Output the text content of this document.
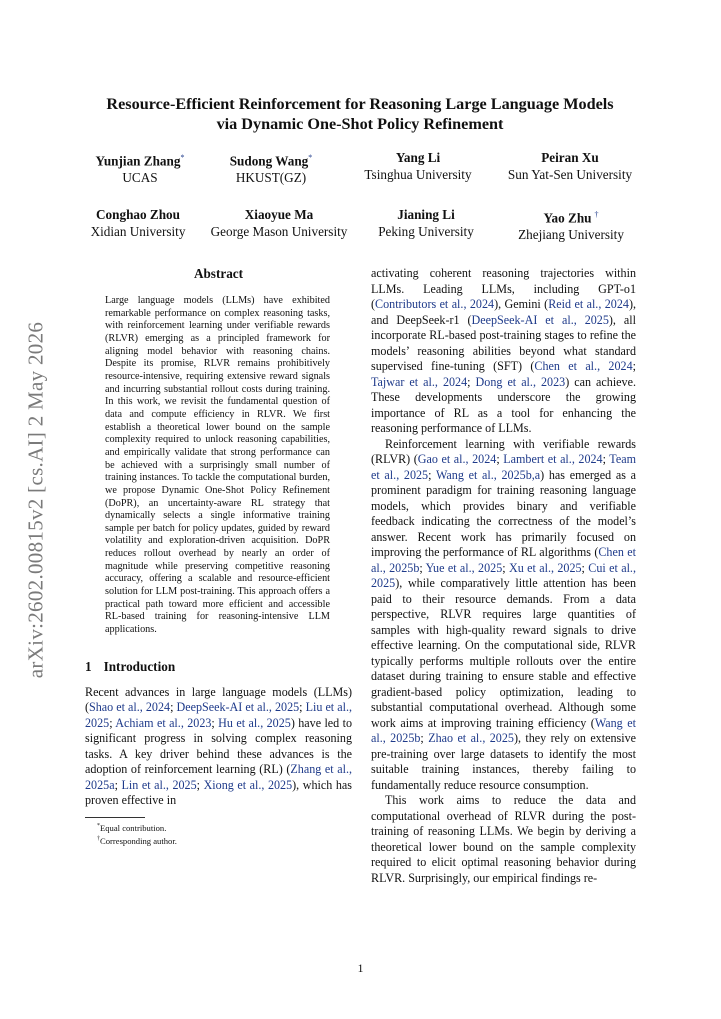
arXiv:2602.00815v2 [cs.AI] 2 May 2026
Resource-Efficient Reinforcement for Reasoning Large Language Models
via Dynamic One-Shot Policy Refinement
Yunjian Zhang*
UCAS
Sudong Wang*
HKUST(GZ)
Yang Li
Tsinghua University
Peiran Xu
Sun Yat-Sen University
Conghao Zhou
Xidian University
Xiaoyue Ma
George Mason University
Jianing Li
Peking University
Yao Zhu †
Zhejiang University
Abstract
Large language models (LLMs) have exhibited remarkable performance on complex reasoning tasks, with reinforcement learning under verifiable rewards (RLVR) emerging as a principled framework for aligning model behavior with reasoning chains. Despite its promise, RLVR remains prohibitively resource-intensive, requiring extensive reward signals and incurring substantial rollout costs during training. In this work, we revisit the fundamental question of data and compute efficiency in RLVR. We first establish a theoretical lower bound on the sample complexity required to unlock reasoning capabilities, and empirically validate that strong performance can be achieved with a surprisingly small number of training instances. To tackle the computational burden, we propose Dynamic One-Shot Policy Refinement (DoPR), an uncertainty-aware RL strategy that dynamically selects a single informative training sample per batch for policy updates, guided by reward volatility and exploration-driven acquisition. DoPR reduces rollout overhead by nearly an order of magnitude while preserving competitive reasoning accuracy, offering a scalable and resource-efficient solution for LLM post-training. This approach offers a practical path toward more efficient and accessible RL-based training for reasoning-intensive LLM applications.
1 Introduction

Recent advances in large language models (LLMs) (Shao et al., 2024; DeepSeek-AI et al., 2025; Liu et al., 2025; Achiam et al., 2023; Hu et al., 2025) have led to significant progress in solving complex reasoning tasks. A key driver behind these advances is the adoption of reinforcement learning (RL) (Zhang et al., 2025a; Lin et al., 2025; Xiong et al., 2025), which has proven effective in

*Equal contribution.
†Corresponding author.

activating coherent reasoning trajectories within LLMs. Leading LLMs, including GPT-o1 (Contributors et al., 2024), Gemini (Reid et al., 2024), and DeepSeek-r1 (DeepSeek-AI et al., 2025), all incorporate RL-based post-training stages to refine the models’ reasoning abilities beyond what standard supervised fine-tuning (SFT) (Chen et al., 2024; Tajwar et al., 2024; Dong et al., 2023) can achieve. These developments underscore the growing importance of RL as a tool for enhancing the reasoning performance of LLMs.

Reinforcement learning with verifiable rewards (RLVR) (Gao et al., 2024; Lambert et al., 2024; Team et al., 2025; Wang et al., 2025b,a) has emerged as a prominent paradigm for training reasoning language models, which provides binary and verifiable feedback indicating the correctness of the model’s answer. Recent work has primarily focused on improving the performance of RL algorithms (Chen et al., 2025b; Yue et al., 2025; Xu et al., 2025; Cui et al., 2025), while comparatively little attention has been paid to their resource demands. From a data perspective, RLVR requires large quantities of samples with high-quality reward signals to drive effective learning. On the computational side, RLVR typically performs multiple rollouts over the entire dataset during training to ensure stable and effective gradient-based policy optimization, leading to substantial computational overhead. Although some work aims at improving training efficiency (Wang et al., 2025b; Zhao et al., 2025), they rely on extensive pre-training over large datasets to identify the most suitable training instances, thereby failing to fundamentally reduce resource consumption.

This work aims to reduce the data and computational overhead of RLVR during the post-training of reasoning LLMs. We begin by deriving a theoretical lower bound on the sample complexity required to elicit optimal reasoning behavior during RLVR. Surprisingly, our empirical findings re-

1
